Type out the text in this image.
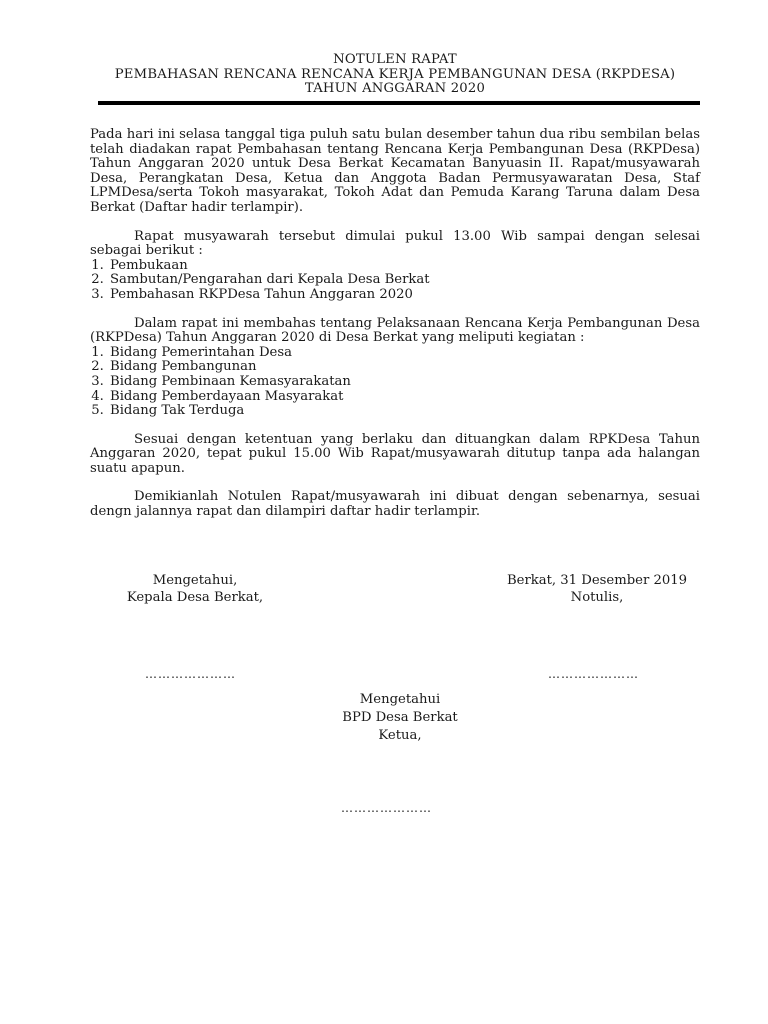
NOTULEN RAPAT
PEMBAHASAN RENCANA RENCANA KERJA PEMBANGUNAN DESA (RKPDESA)
TAHUN ANGGARAN 2020

Pada hari ini selasa tanggal tiga puluh satu bulan desember tahun dua ribu sembilan belas telah diadakan rapat Pembahasan tentang Rencana Kerja Pembangunan Desa (RKPDesa) Tahun Anggaran 2020 untuk Desa Berkat Kecamatan Banyuasin II. Rapat/musyawarah Desa, Perangkatan Desa, Ketua dan Anggota Badan Permusyawaratan Desa, Staf LPMDesa/serta Tokoh masyarakat, Tokoh Adat dan Pemuda Karang Taruna dalam Desa Berkat (Daftar hadir terlampir).

Rapat musyawarah tersebut dimulai pukul 13.00 Wib sampai dengan selesai sebagai berikut :

1. Pembukaan
2. Sambutan/Pengarahan dari Kepala Desa Berkat
3. Pembahasan RKPDesa Tahun Anggaran 2020

Dalam rapat ini membahas tentang Pelaksanaan Rencana Kerja Pembangunan Desa (RKPDesa) Tahun Anggaran 2020 di Desa Berkat yang meliputi kegiatan :

1. Bidang Pemerintahan Desa
2. Bidang Pembangunan
3. Bidang Pembinaan Kemasyarakatan
4. Bidang Pemberdayaan Masyarakat
5. Bidang Tak Terduga

Sesuai dengan ketentuan yang berlaku dan dituangkan dalam RPKDesa Tahun Anggaran 2020, tepat pukul 15.00 Wib Rapat/musyawarah ditutup tanpa ada halangan suatu apapun.

Demikianlah Notulen Rapat/musyawarah ini dibuat dengan sebenarnya, sesuai dengn jalannya rapat dan dilampiri daftar hadir terlampir.

Mengetahui,
Kepala Desa Berkat,
…………………
Berkat, 31 Desember 2019
Notulis,
…………………
Mengetahui
BPD Desa Berkat
Ketua,
…………………
